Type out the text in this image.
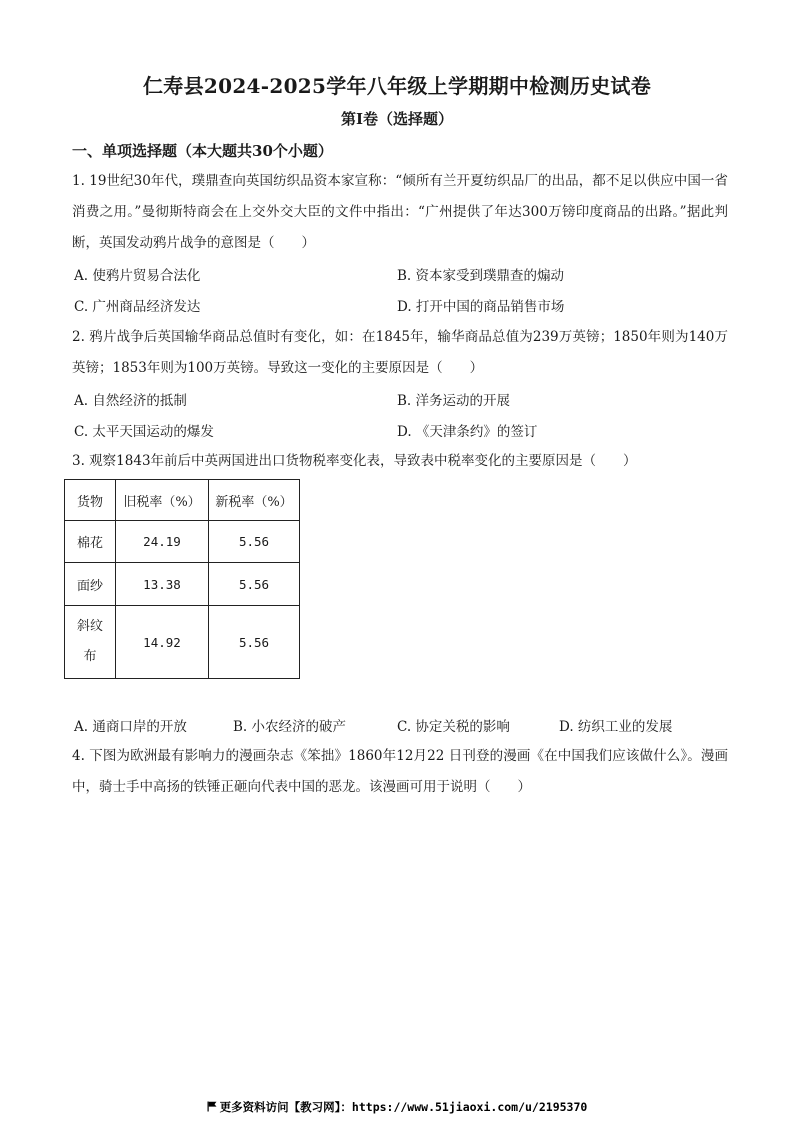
仁寿县2024-2025学年八年级上学期期中检测历史试卷
第Ⅰ卷（选择题）
一、单项选择题（本大题共30个小题）
1. 19世纪30年代，璞鼎查向英国纺织品资本家宣称：“倾所有兰开夏纺织品厂的出品，都不足以供应中国一省消费之用。”曼彻斯特商会在上交外交大臣的文件中指出：“广州提供了年达300万镑印度商品的出路。”据此判断，英国发动鸦片战争的意图是（　　）
A. 使鸦片贸易合法化	B. 资本家受到璞鼎查的煽动
C. 广州商品经济发达	D. 打开中国的商品销售市场
2. 鸦片战争后英国输华商品总值时有变化，如：在1845年，输华商品总值为239万英镑；1850年则为140万英镑；1853年则为100万英镑。导致这一变化的主要原因是（　　）
A. 自然经济的抵制	B. 洋务运动的开展
C. 太平天国运动的爆发	D. 《天津条约》的签订
3. 观察1843年前后中英两国进出口货物税率变化表，导致表中税率变化的主要原因是（　　）
货物	旧税率（%）	新税率（%）
棉花	24.19	5.56
面纱	13.38	5.56
斜纹布	14.92	5.56
A. 通商口岸的开放	B. 小农经济的破产	C. 协定关税的影响	D. 纺织工业的发展
4. 下图为欧洲最有影响力的漫画杂志《笨拙》1860年12月22 日刊登的漫画《在中国我们应该做什么》。漫画中，骑士手中高扬的铁锤正砸向代表中国的恶龙。该漫画可用于说明（　　）
更多资料访问【教习网】：https://www.51jiaoxi.com/u/2195370
